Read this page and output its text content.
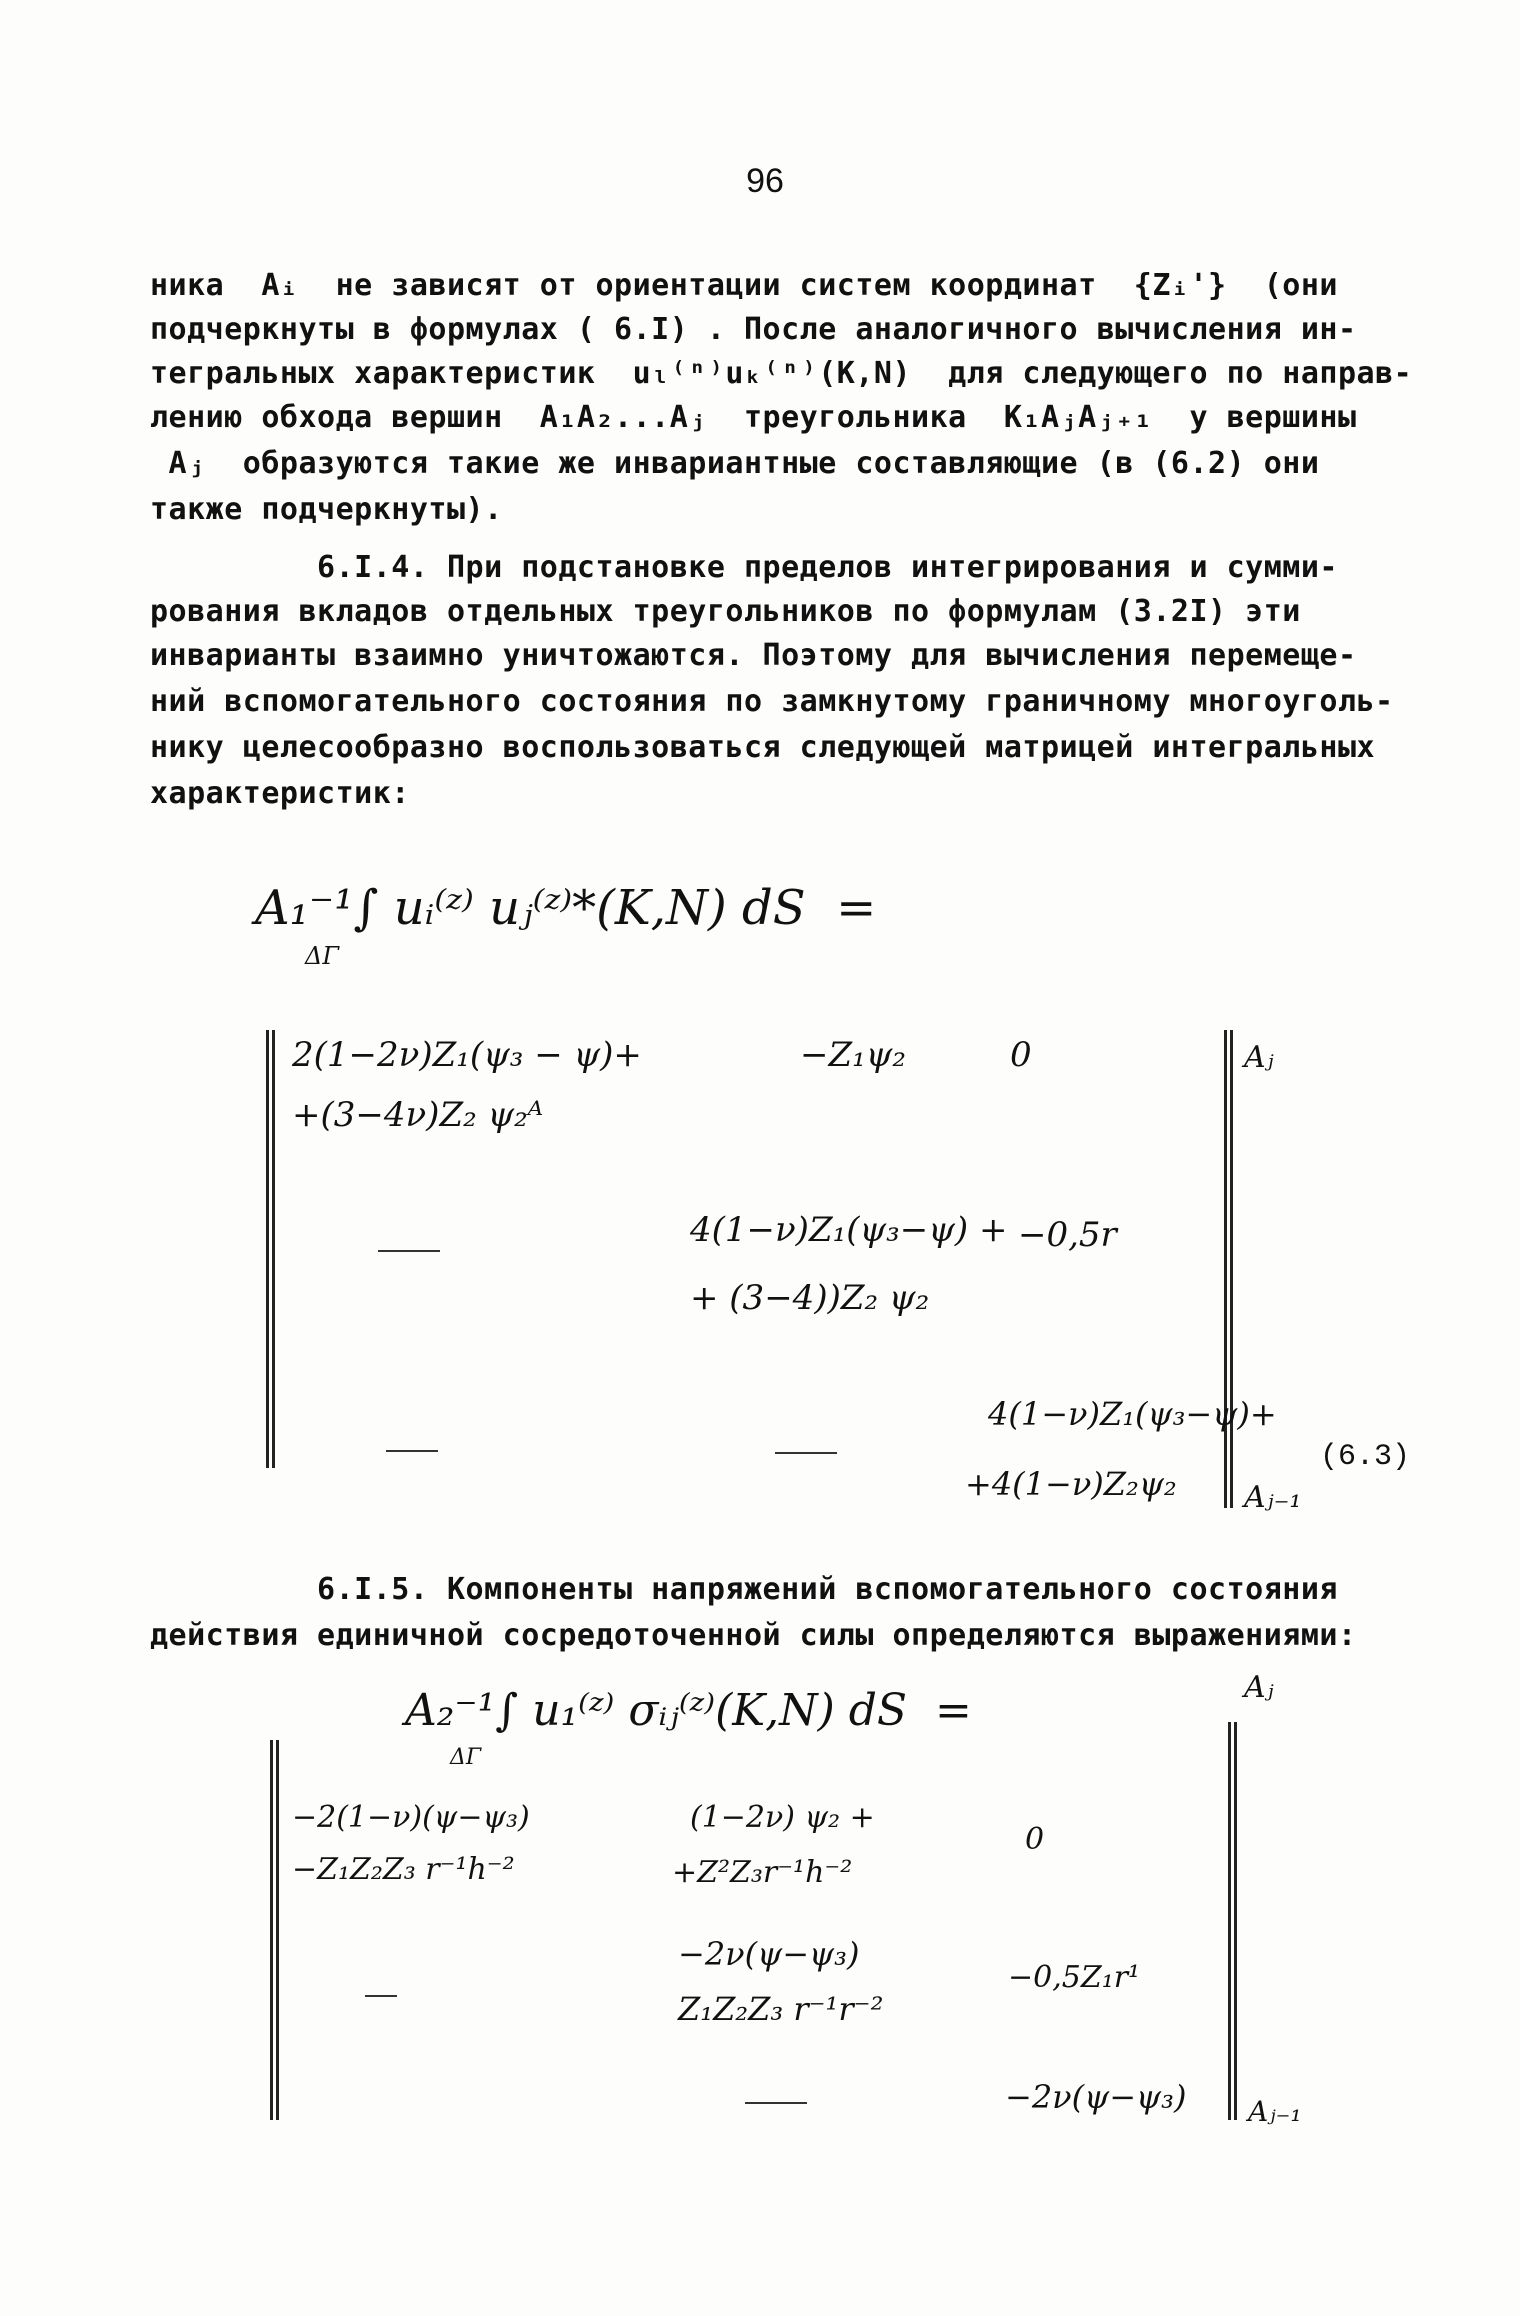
96
ника  Aᵢ  не зависят от ориентации систем координат  {Zᵢ'}  (они
подчеркнуты в формулах ( 6.I) . После аналогичного вычисления ин-
тегральных характеристик  uₗ⁽ⁿ⁾uₖ⁽ⁿ⁾(K,N)  для следующего по направ-
лению обхода вершин  A₁A₂...Aⱼ  треугольника  K₁AⱼAⱼ₊₁  у вершины
Aⱼ  образуются такие же инвариантные составляющие (в (6.2) они
также подчеркнуты).
6.I.4. При подстановке пределов интегрирования и сумми-
рования вкладов отдельных треугольников по формулам (3.2I) эти
инварианты взаимно уничтожаются. Поэтому для вычисления перемеще-
ний вспомогательного состояния по замкнутому граничному многоуголь-
нику целесообразно воспользоваться следующей матрицей интегральных
характеристик:
A₁⁻¹∫ uᵢ⁽ᶻ⁾ uⱼ⁽ᶻ⁾*(K,N) dS  =
ΔΓ
2(1−2ν)Z₁(ψ₃ − ψ)+
+(3−4ν)Z₂ ψ₂ᴬ
−Z₁ψ₂	0	Aⱼ
4(1−ν)Z₁(ψ₃−ψ) +
+ (3−4))Z₂ ψ₂
−0,5r
4(1−ν)Z₁(ψ₃−ψ)+
+4(1−ν)Z₂ψ₂ Aⱼ₋₁
(6.3)
6.I.5. Компоненты напряжений вспомогательного состояния
действия единичной сосредоточенной силы определяются выражениями:
A₂⁻¹∫ u₁⁽ᶻ⁾ σᵢⱼ⁽ᶻ⁾(K,N) dS  =
ΔΓ
Aⱼ
−2(1−ν)(ψ−ψ₃)
−Z₁Z₂Z₃ r⁻¹h⁻²
(1−2ν) ψ₂ +
+Z²Z₃r⁻¹h⁻²
0
−2ν(ψ−ψ₃)
Z₁Z₂Z₃ r⁻¹r⁻²
−0,5Z₁r¹
−2ν(ψ−ψ₃) Aⱼ₋₁
